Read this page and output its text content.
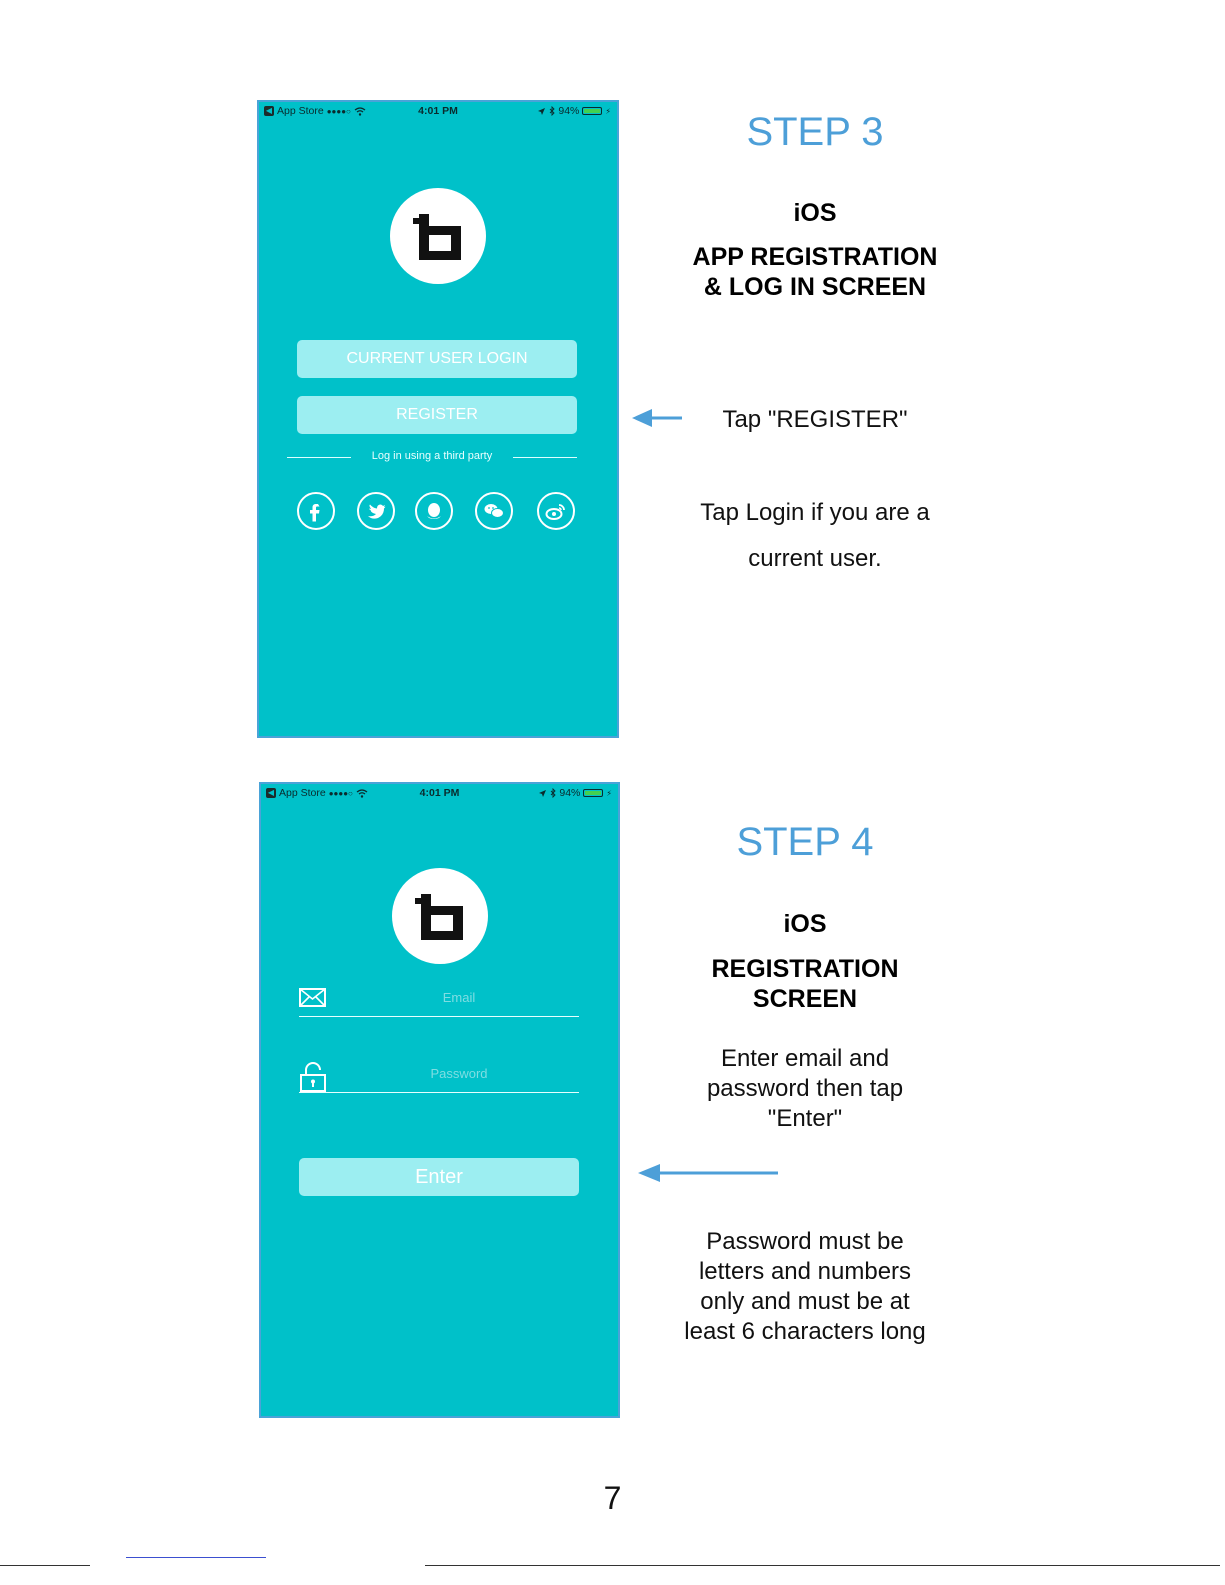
◀ App Store ●●●●○	4:01 PM	94%	⚡
CURRENT USER LOGIN
REGISTER
Log in using a third party
◀ App Store ●●●●○	4:01 PM	94%	⚡
Email
Password
Enter
STEP 3
iOS
APP REGISTRATION
& LOG IN SCREEN
Tap "REGISTER"
Tap Login if you are a
current user.
STEP 4
iOS
REGISTRATION
SCREEN
Enter email and
password then tap
"Enter"
Password must be
letters and numbers
only and must be at
least 6 characters long
7
